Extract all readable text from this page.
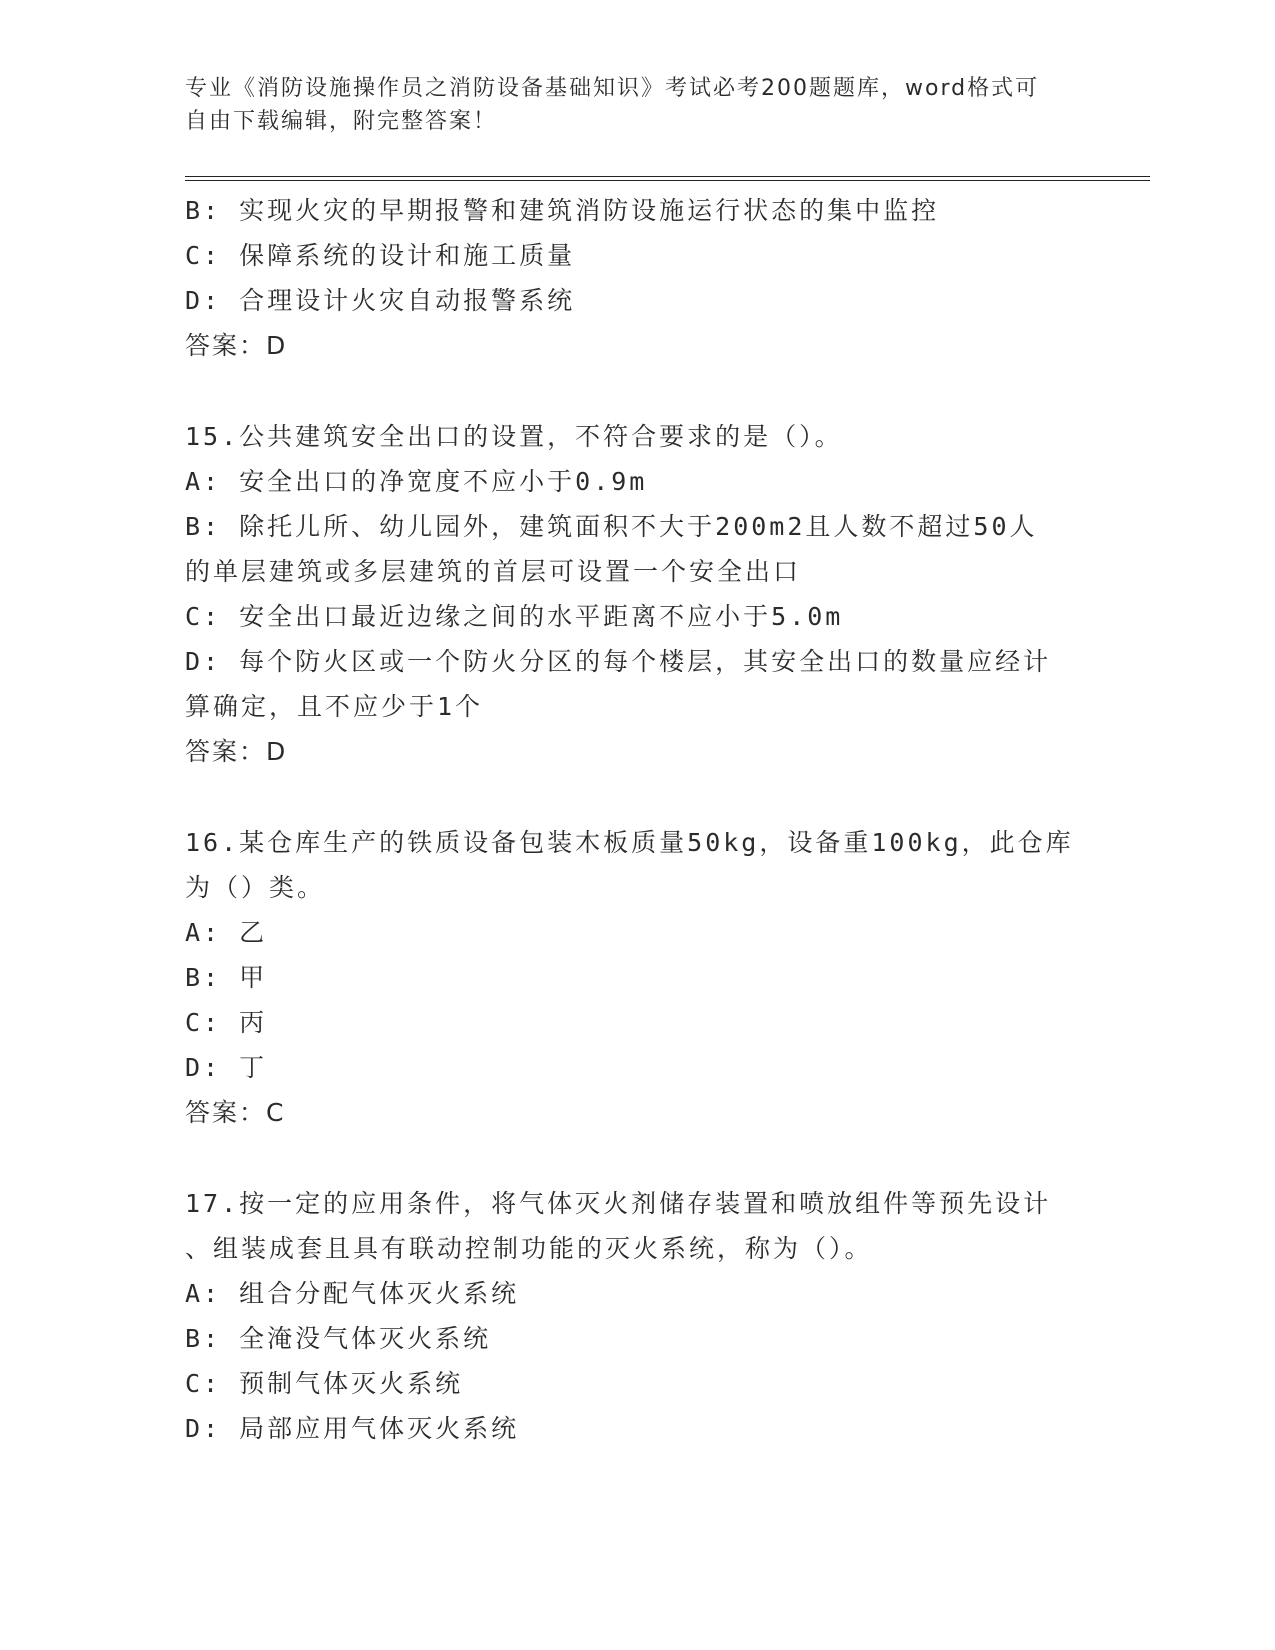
专业《消防设施操作员之消防设备基础知识》考试必考200题题库，word格式可
自由下载编辑，附完整答案！
B: 实现火灾的早期报警和建筑消防设施运行状态的集中监控
C: 保障系统的设计和施工质量
D: 合理设计火灾自动报警系统
答案：D
15.公共建筑安全出口的设置，不符合要求的是（）。
A: 安全出口的净宽度不应小于0.9m
B: 除托儿所、幼儿园外，建筑面积不大于200m2且人数不超过50人
的单层建筑或多层建筑的首层可设置一个安全出口
C: 安全出口最近边缘之间的水平距离不应小于5.0m
D: 每个防火区或一个防火分区的每个楼层，其安全出口的数量应经计
算确定，且不应少于1个
答案：D
16.某仓库生产的铁质设备包装木板质量50kg，设备重100kg，此仓库
为（）类。
A: 乙
B: 甲
C: 丙
D: 丁
答案：C
17.按一定的应用条件，将气体灭火剂储存装置和喷放组件等预先设计
、组装成套且具有联动控制功能的灭火系统，称为（）。
A: 组合分配气体灭火系统
B: 全淹没气体灭火系统
C: 预制气体灭火系统
D: 局部应用气体灭火系统
